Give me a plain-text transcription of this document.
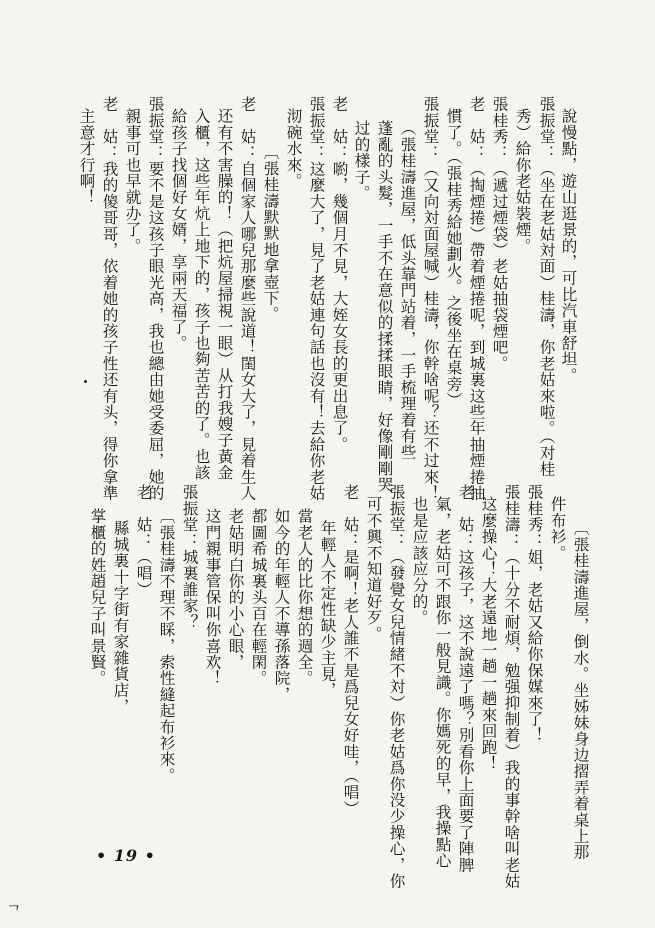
說慢點，遊山逛景的，可比汽車舒坦。
張振堂：（坐在老姑対面）桂濤，你老姑來啦。（对桂
秀）給你老姑裝煙。
張桂秀：（遞过煙袋）老姑抽袋煙吧。
老　姑：（掏煙捲）帶着煙捲呢，到城裏这些年抽煙捲抽
慣了。（張桂秀給她劃火。之後坐在桌旁）
張振堂：（又向対面屋喊）桂濤，你幹啥呢？还不过來！
（張桂濤進屋，低头靠門站着，一手梳理着有些
蓬亂的头髮，一手不在意似的揉揉眼睛，好像剛剛哭
过的樣子。
老　姑：喲，幾個月不見，大姪女長的更出息了。
張振堂：这麼大了，見了老姑連句話也沒有！去給你老姑
沏碗水來。
〔張桂濤默默地拿壺下。
老　姑：自個家人哪兒那麼些說道！閨女大了，見着生人
还有不害臊的！（把炕屋掃視一眼）从打我嫂子黃金
入櫃，这些年炕上地下的，孩子也夠苦苦的了。也該
給孩子找個好女婿，享兩天福了。
張振堂：要不是这孩子眼光高，我也總由她受委屈，她的
親事可也早就办了。
老　姑：我的傻哥哥，依着她的孩子性还有头，得你拿準
主意才行啊！
〔張桂濤進屋，倒水。坐姊妹身边摺弄着桌上那
件布衫。
張桂秀：姐，老姑又給你保媒來了！
張桂濤：（十分不耐煩，勉强抑制着）我的事幹啥叫老姑
这麼操心！大老遠地一趟一趟來回跑！
老　姑：这孩子，这不說遠了嗎？別看你上面要了陣脾
氣，老姑可不跟你一般見識。你媽死的早，我操點心
也是应該应分的。
張振堂：（發覺女兒情緒不対）你老姑爲你没少操心，你
可不興不知道好歹。
老　姑：是啊！老人誰不是爲兒女好哇，（唱）
年輕人不定性缺少主見，
當老人的比你想的週全。
如今的年輕人不導孫落院，
都圖希城裏头百在輕閑。
老姑明白你的小心眼，
这門親事管保叫你喜欢！
張振堂：城裏誰家？
〔張桂濤不理不睬，索性縫起布衫來。
老　姑：（唱）
縣城裏十字街有家雜貨店，
掌櫃的姓趙兒子叫景賢。
• 19 •
ᄀ
